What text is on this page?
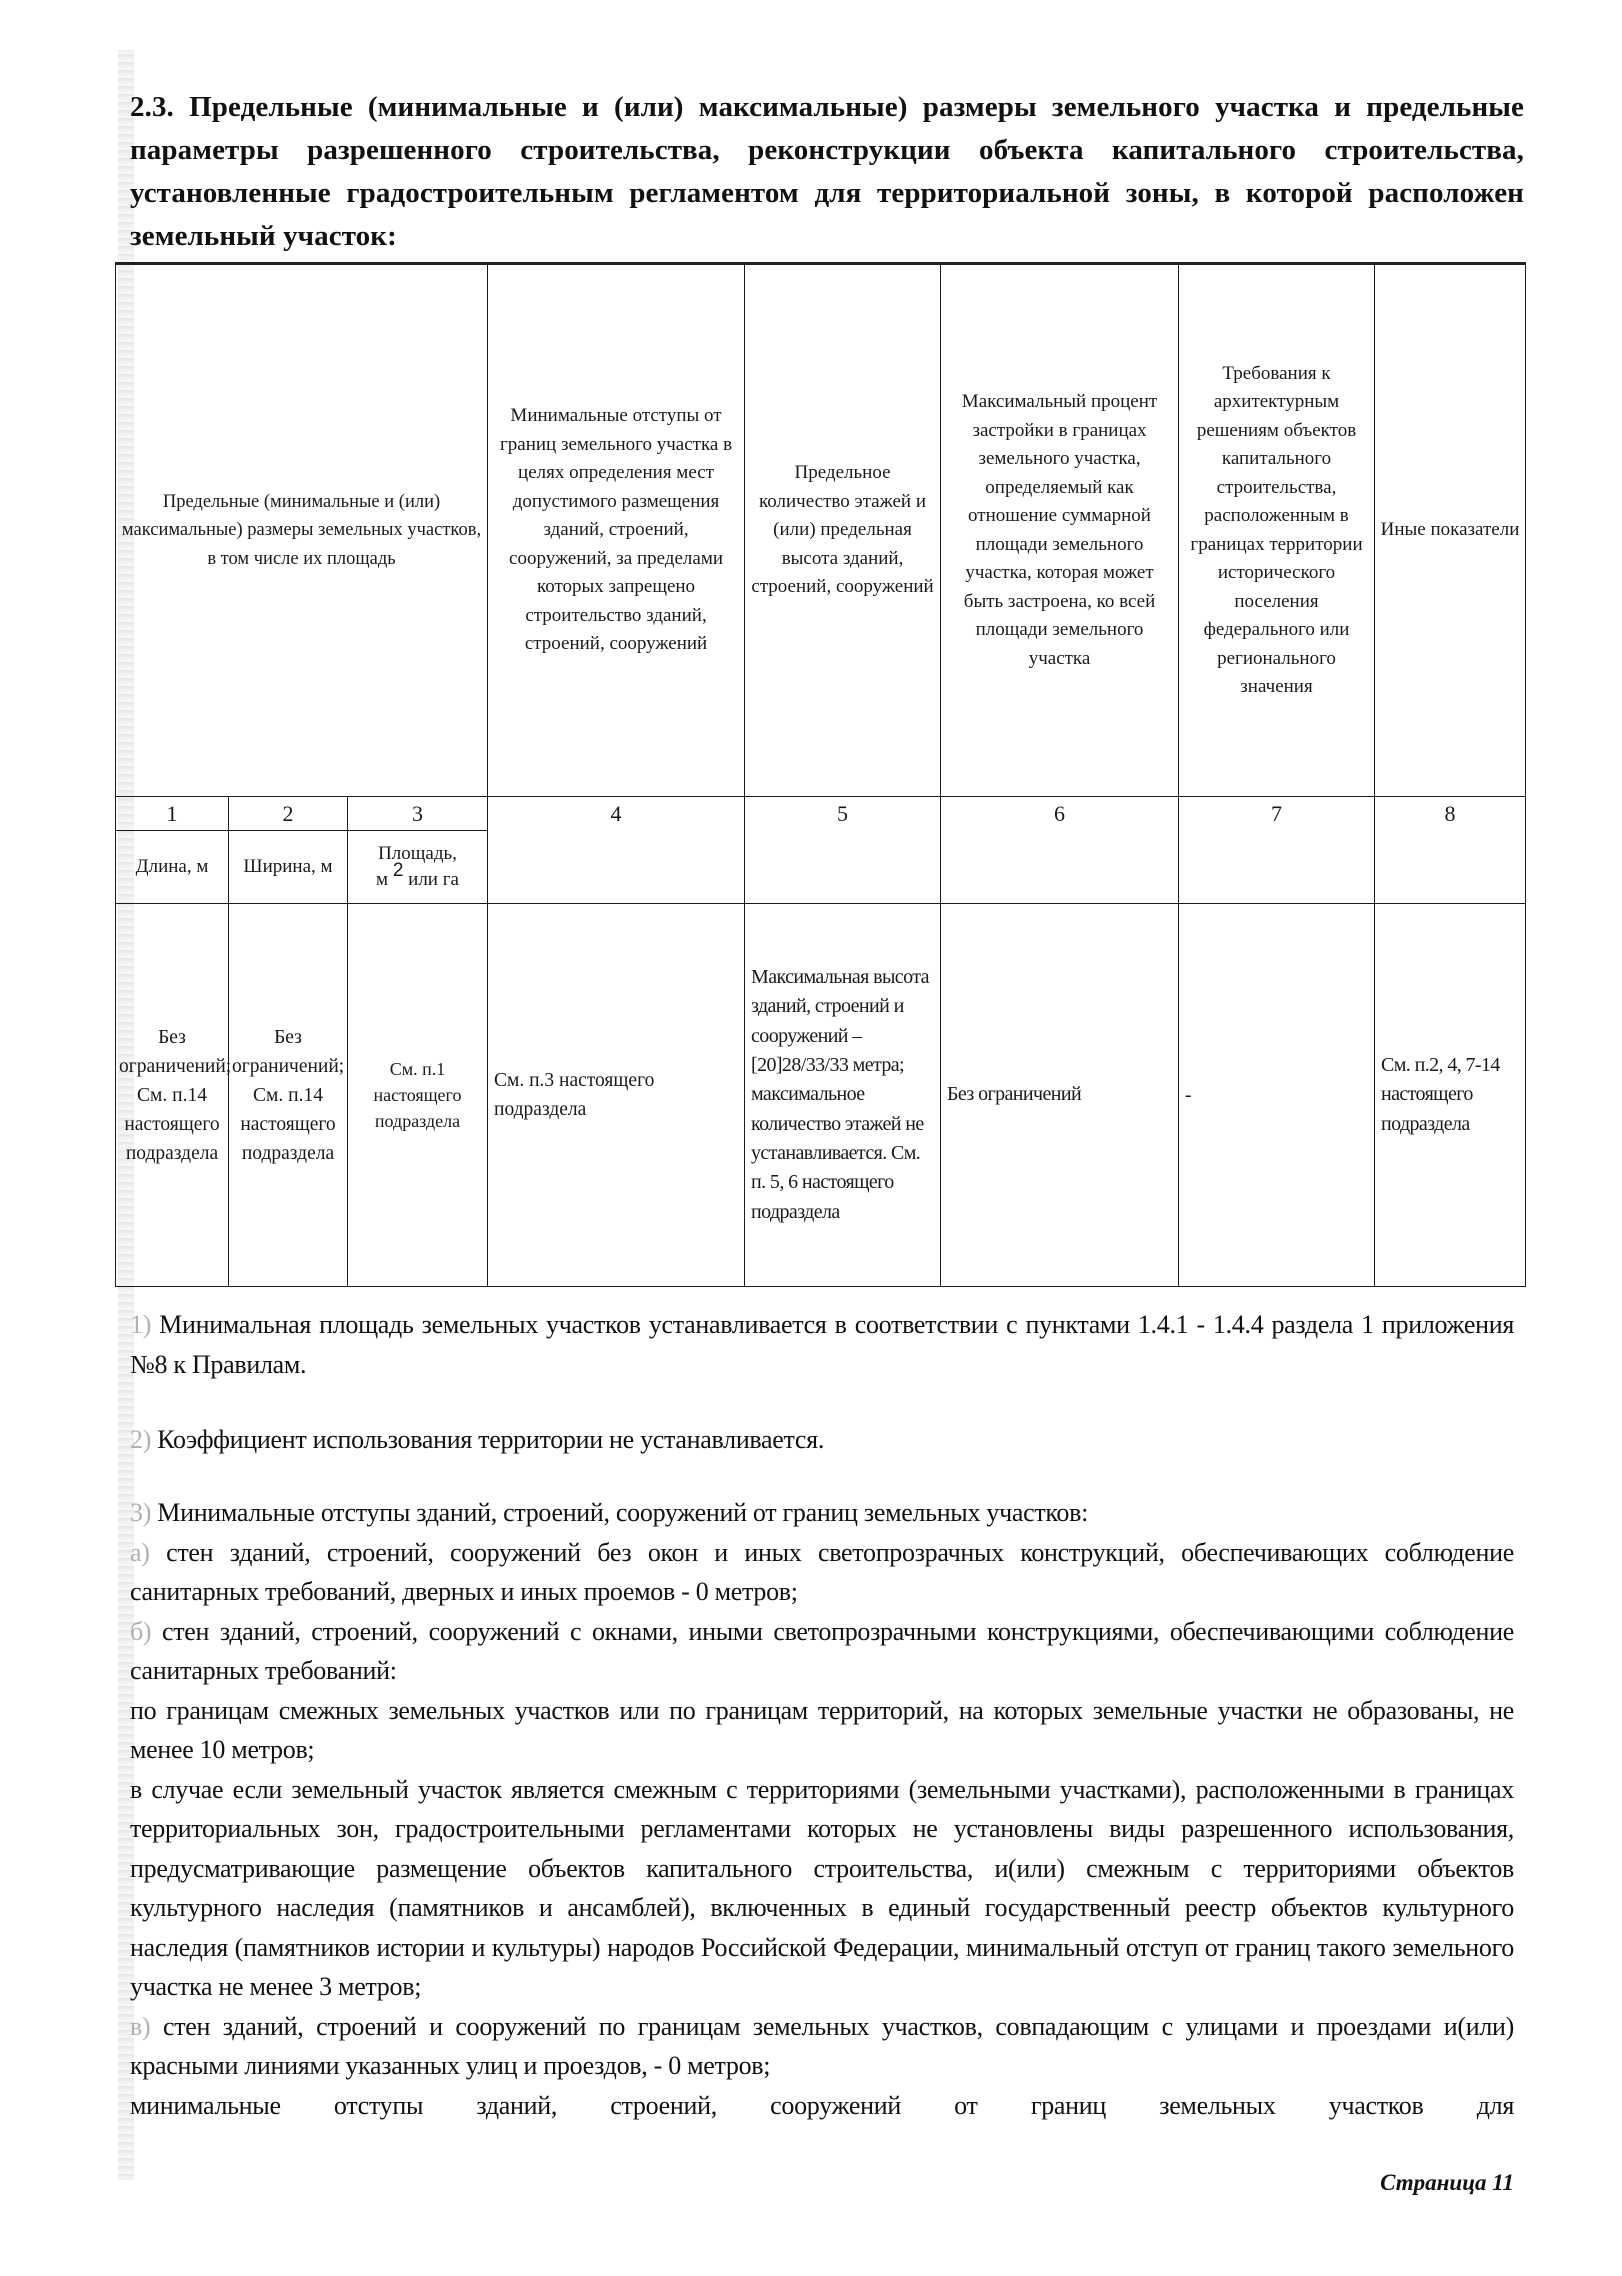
2.3. Предельные (минимальные и (или) максимальные) размеры земельного участка и предельные параметры разрешенного строительства, реконструкции объекта капитального строительства, установленные градостроительным регламентом для территориальной зоны, в которой расположен земельный участок:
Предельные (минимальные и (или) максимальные) размеры земельных участков, в том числе их площадь			Минимальные отступы от границ земельного участка в целях определения мест допустимого размещения зданий, строений, сооружений, за пределами которых запрещено строительство зданий, строений, сооружений	Предельное количество этажей и (или) предельная высота зданий, строений, сооружений	Максимальный процент застройки в границах земельного участка, определяемый как отношение суммарной площади земельного участка, которая может быть застроена, ко всей площади земельного участка	Требования к архитектурным решениям объектов капитального строительства, расположенным в границах территории исторического поселения федерального или регионального значения	Иные показатели
1	2	3	4	5	6	7	8
Длина, м	Ширина, м	Площадь,
м 2 или га					
Без ограничений; См. п.14 настоящего подраздела	Без ограничений; См. п.14 настоящего подраздела	См. п.1 настоящего подраздела	См. п.3 настоящего подраздела	Максимальная высота зданий, строений и сооружений – [20]28/33/33 метра; максимальное количество этажей не устанавливается. См. п. 5, 6 настоящего подраздела	Без ограничений	-	См. п.2, 4, 7-14 настоящего подраздела

1) Минимальная площадь земельных участков устанавливается в соответствии с пунктами 1.4.1 - 1.4.4 раздела 1 приложения №8 к Правилам.

2) Коэффициент использования территории не устанавливается.

3) Минимальные отступы зданий, строений, сооружений от границ земельных участков:

а) стен зданий, строений, сооружений без окон и иных светопрозрачных конструкций, обеспечивающих соблюдение санитарных требований, дверных и иных проемов - 0 метров;

б) стен зданий, строений, сооружений с окнами, иными светопрозрачными конструкциями, обеспечивающими соблюдение санитарных требований:

по границам смежных земельных участков или по границам территорий, на которых земельные участки не образованы, не менее 10 метров;

в случае если земельный участок является смежным с территориями (земельными участками), расположенными в границах территориальных зон, градостроительными регламентами которых не установлены виды разрешенного использования, предусматривающие размещение объектов капитального строительства, и(или) смежным с территориями объектов культурного наследия (памятников и ансамблей), включенных в единый государственный реестр объектов культурного наследия (памятников истории и культуры) народов Российской Федерации, минимальный отступ от границ такого земельного участка не менее 3 метров;

в) стен зданий, строений и сооружений по границам земельных участков, совпадающим с улицами и проездами и(или) красными линиями указанных улиц и проездов, - 0 метров;

минимальные отступы зданий, строений, сооружений от границ земельных участков для

Страница 11
